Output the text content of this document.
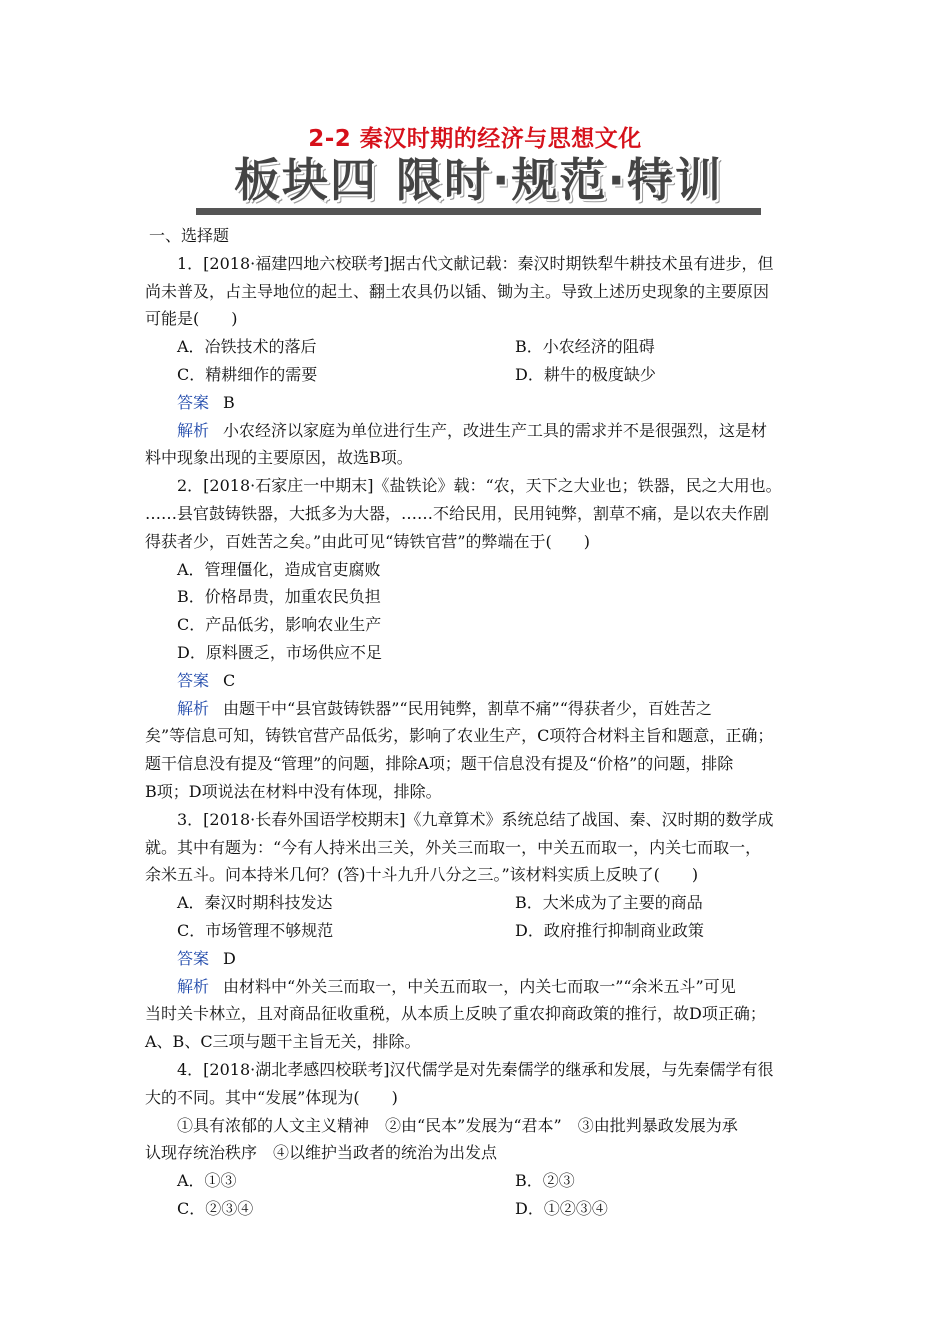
2-2 秦汉时期的经济与思想文化
板块四 限时·规范·特训
一、选择题
1．[2018·福建四地六校联考]据古代文献记载：秦汉时期铁犁牛耕技术虽有进步，但
尚未普及，占主导地位的起土、翻土农具仍以锸、锄为主。导致上述历史现象的主要原因
可能是(　　)
A．冶铁技术的落后	B．小农经济的阻碍
C．精耕细作的需要	D．耕牛的极度缺少
答案 B
解析 小农经济以家庭为单位进行生产，改进生产工具的需求并不是很强烈，这是材
料中现象出现的主要原因，故选B项。
2．[2018·石家庄一中期末]《盐铁论》载：“农，天下之大业也；铁器，民之大用也。
……县官鼓铸铁器，大抵多为大器，……不给民用，民用钝弊，割草不痛，是以农夫作剧
得获者少，百姓苦之矣。”由此可见“铸铁官营”的弊端在于(　　)
A．管理僵化，造成官吏腐败
B．价格昂贵，加重农民负担
C．产品低劣，影响农业生产
D．原料匮乏，市场供应不足
答案 C
解析 由题干中“县官鼓铸铁器”“民用钝弊，割草不痛”“得获者少，百姓苦之
矣”等信息可知，铸铁官营产品低劣，影响了农业生产，C项符合材料主旨和题意，正确；
题干信息没有提及“管理”的问题，排除A项；题干信息没有提及“价格”的问题，排除
B项；D项说法在材料中没有体现，排除。
3．[2018·长春外国语学校期末]《九章算术》系统总结了战国、秦、汉时期的数学成
就。其中有题为：“今有人持米出三关，外关三而取一，中关五而取一，内关七而取一，
余米五斗。问本持米几何？(答)十斗九升八分之三。”该材料实质上反映了(　　)
A．秦汉时期科技发达	B．大米成为了主要的商品
C．市场管理不够规范	D．政府推行抑制商业政策
答案 D
解析 由材料中“外关三而取一，中关五而取一，内关七而取一”“余米五斗”可见
当时关卡林立，且对商品征收重税，从本质上反映了重农抑商政策的推行，故D项正确；
A、B、C三项与题干主旨无关，排除。
4．[2018·湖北孝感四校联考]汉代儒学是对先秦儒学的继承和发展，与先秦儒学有很
大的不同。其中“发展”体现为(　　)
①具有浓郁的人文主义精神　②由“民本”发展为“君本”　③由批判暴政发展为承
认现存统治秩序　④以维护当政者的统治为出发点
A．①③	B．②③
C．②③④	D．①②③④
